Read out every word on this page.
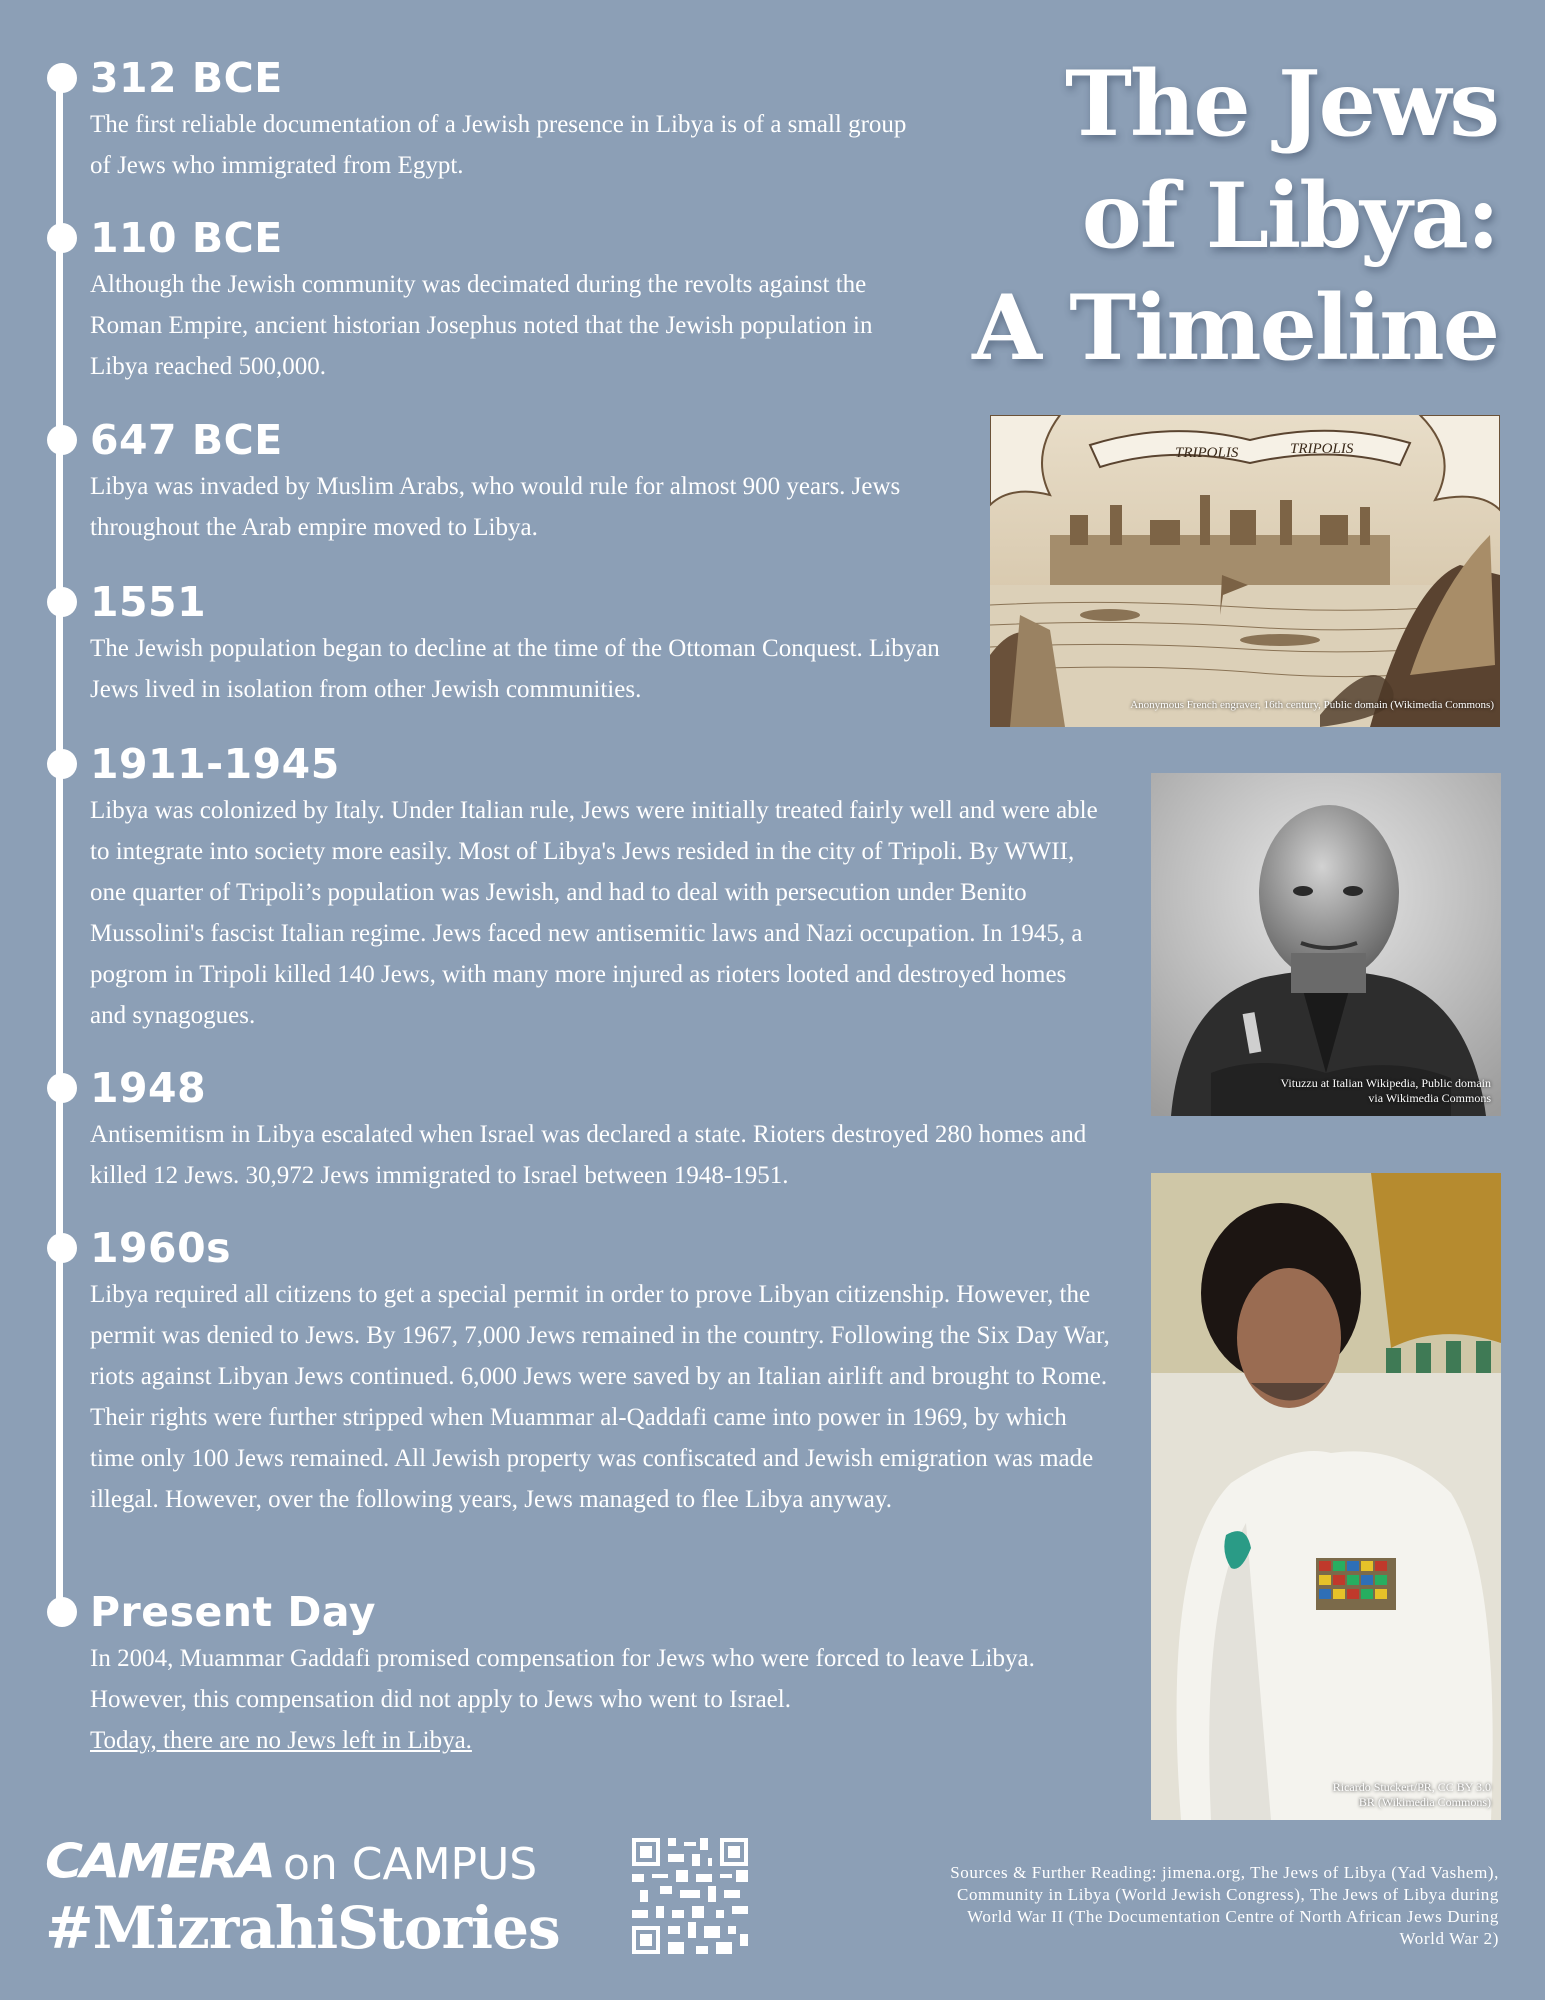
312 BCE

The first reliable documentation of a Jewish presence in Libya is of a small group of Jews who immigrated from Egypt.

110 BCE

Although the Jewish community was decimated during the revolts against the Roman Empire, ancient historian Josephus noted that the Jewish population in Libya reached 500,000.

647 BCE

Libya was invaded by Muslim Arabs, who would rule for almost 900 years. Jews throughout the Arab empire moved to Libya.

1551

The Jewish population began to decline at the time of the Ottoman Conquest. Libyan Jews lived in isolation from other Jewish communities.

1911-1945

Libya was colonized by Italy. Under Italian rule, Jews were initially treated fairly well and were able to integrate into society more easily. Most of Libya's Jews resided in the city of Tripoli. By WWII, one quarter of Tripoli’s population was Jewish, and had to deal with persecution under Benito Mussolini's fascist Italian regime. Jews faced new antisemitic laws and Nazi occupation. In 1945, a pogrom in Tripoli killed 140 Jews, with many more injured as rioters looted and destroyed homes and synagogues.

1948

Antisemitism in Libya escalated when Israel was declared a state. Rioters destroyed 280 homes and killed 12 Jews. 30,972 Jews immigrated to Israel between 1948-1951.

1960s

Libya required all citizens to get a special permit in order to prove Libyan citizenship. However, the permit was denied to Jews. By 1967, 7,000 Jews remained in the country. Following the Six Day War, riots against Libyan Jews continued. 6,000 Jews were saved by an Italian airlift and brought to Rome. Their rights were further stripped when Muammar al-Qaddafi came into power in 1969, by which time only 100 Jews remained. All Jewish property was confiscated and Jewish emigration was made illegal. However, over the following years, Jews managed to flee Libya anyway.

Present Day

In 2004, Muammar Gaddafi promised compensation for Jews who were forced to leave Libya. However, this compensation did not apply to Jews who went to Israel.
Today, there are no Jews left in Libya.

The Jews
of Libya:
A Timeline
TRIPOLIS	TRIPOLIS
Anonymous French engraver, 16th century, Public domain (Wikimedia Commons)
Vituzzu at Italian Wikipedia, Public domain
via Wikimedia Commons
Ricardo Stuckert/PR, CC BY 3.0
BR (Wikimedia Commons)
CAMERA on CAMPUS
#MizrahiStories
Sources & Further Reading: jimena.org, The Jews of Libya (Yad Vashem), Community in Libya (World Jewish Congress), The Jews of Libya during World War II (The Documentation Centre of North African Jews During World War 2)
